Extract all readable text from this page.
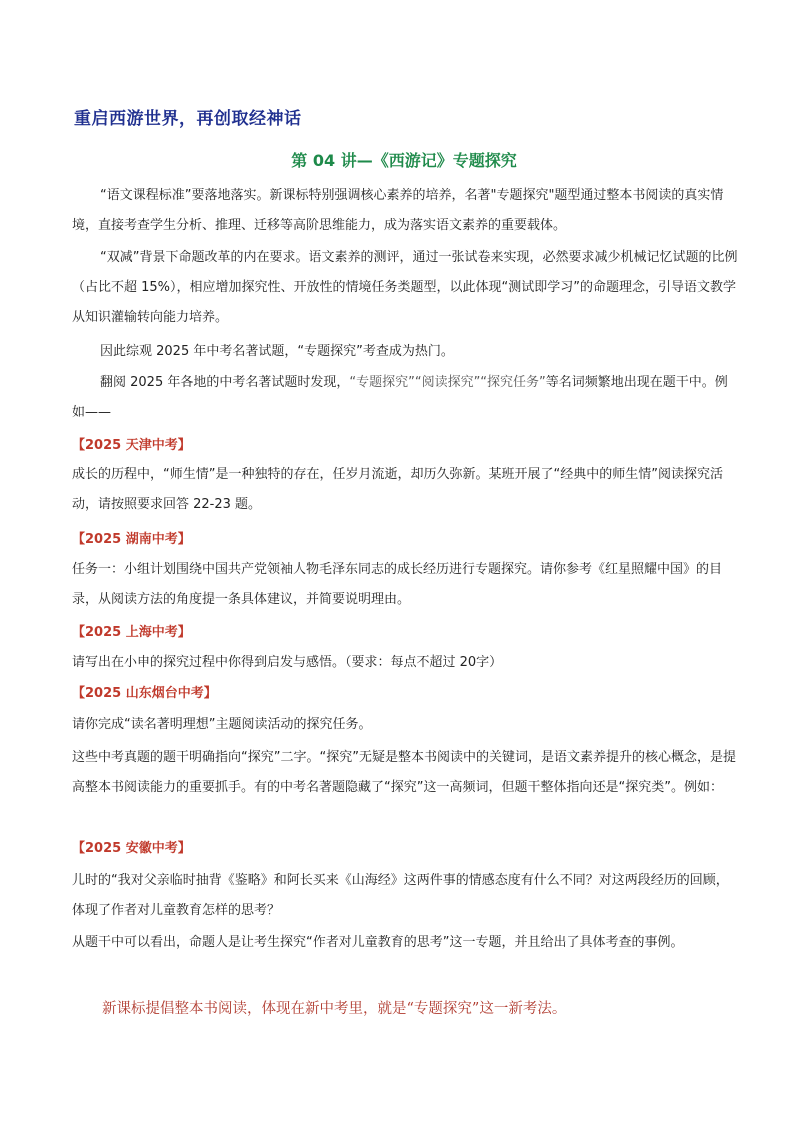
重启西游世界，再创取经神话
第 04 讲—《西游记》专题探究

“语文课程标准”要落地落实。新课标特别强调核心素养的培养，名著"专题探究"题型通过整本书阅读的真实情境，直接考查学生分析、推理、迁移等高阶思维能力，成为落实语文素养的重要载体。

“双减”背景下命题改革的内在要求。语文素养的测评，通过一张试卷来实现，必然要求减少机械记忆试题的比例（占比不超 15%），相应增加探究性、开放性的情境任务类题型，以此体现“测试即学习”的命题理念，引导语文教学从知识灌输转向能力培养。

因此综观 2025 年中考名著试题，“专题探究”考查成为热门。

翻阅 2025 年各地的中考名著试题时发现，“专题探究”“阅读探究”“探究任务”等名词频繁地出现在题干中。例如——

【2025 天津中考】

成长的历程中，“师生情”是一种独特的存在，任岁月流逝，却历久弥新。某班开展了“经典中的师生情”阅读探究活动，请按照要求回答 22-23 题。

【2025 湖南中考】

任务一：小组计划围绕中国共产党领袖人物毛泽东同志的成长经历进行专题探究。请你参考《红星照耀中国》的目录，从阅读方法的角度提一条具体建议，并简要说明理由。

【2025 上海中考】

请写出在小申的探究过程中你得到启发与感悟。（要求：每点不超过 20字）

【2025 山东烟台中考】

请你完成“读名著明理想”主题阅读活动的探究任务。

这些中考真题的题干明确指向“探究”二字。“探究”无疑是整本书阅读中的关键词，是语文素养提升的核心概念，是提高整本书阅读能力的重要抓手。有的中考名著题隐藏了“探究”这一高频词，但题干整体指向还是“探究类”。例如：

【2025 安徽中考】

儿时的“我对父亲临时抽背《鉴略》和阿长买来《山海经》这两件事的情感态度有什么不同？对这两段经历的回顾，体现了作者对儿童教育怎样的思考？

从题干中可以看出，命题人是让考生探究“作者对儿童教育的思考”这一专题，并且给出了具体考查的事例。

新课标提倡整本书阅读，体现在新中考里，就是“专题探究”这一新考法。
